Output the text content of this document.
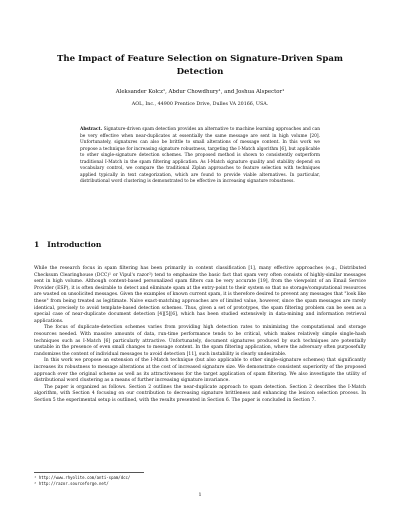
The Impact of Feature Selection on Signature-Driven Spam Detection
Aleksander Kołcz¹, Abdur Chowdhury¹, and Joshua Alspector¹
AOL, Inc., 44900 Prentice Drive, Dulles VA 20166, USA.
Abstract. Signature-driven spam detection provides an alternative to machine learning approaches and can be very effective when near-duplicates at essentially the same message are sent in high volume [20]. Unfortunately, signatures can also be brittle to small alterations of message content. In this work we propose a technique for increasing signature robustness, targeting the I-Match algorithm [6], but applicable to other single-signature detection schemes. The proposed method is shown to consistently outperform traditional I-Match in the spam filtering application. As I-Match signature quality and stability depend on vocabulary control, we compare the traditional Ziplan approaches to feature selection with techniques applied typically in text categorization, which are found to provide viable alternatives. In particular, distributional word clustering is demonstrated to be effective in increasing signature robustness.
1 Introduction

While the research focus in spam filtering has been primarily in content classification [1], many effective approaches (e.g., Distributed Checksum Clearinghouse (DCC)¹ or Vipul's razor²) tend to emphasize the basic fact that spam very often consists of highly-similar messages sent in high volume. Although content-based personalized spam filters can be very accurate [19], from the viewpoint of an Email Service Provider (ESP), it is often desirable to detect and eliminate spam at the entry-point to their system so that no storage/computational resources are wasted on unsolicited messages. Given the examples of known current spam, it is therefore desired to prevent any messages that "look like these" from being treated as legitimate. Naive exact-matching approaches are of limited value, however, since the spam messages are rarely identical, precisely to avoid template-based detection schemes. Thus, given a set of prototypes, the spam filtering problem can be seen as a special case of near-duplicate document detection [4][5][6], which has been studied extensively in data-mining and information retrieval applications.

The focus of duplicate-detection schemes varies from providing high detection rates to minimizing the computational and storage resources needed. With massive amounts of data, run-time performance tends to be critical, which makes relatively simple single-hash techniques such as I-Match [6] particularly attractive. Unfortunately, document signatures produced by such techniques are potentially unstable in the presence of even small changes to message content. In the spam filtering application, where the adversary often purposefully randomizes the content of individual messages to avoid detection [11], such instability is clearly undesirable.

In this work we propose an extension of the I-Match technique (but also applicable to other single-signature schemes) that significantly increases its robustness to message alterations at the cost of increased signature size. We demonstrate consistent superiority of the proposed approach over the original scheme as well as its attractiveness for the target application of spam filtering. We also investigate the utility of distributional word clustering as a means of further increasing signature invariance.

The paper is organized as follows. Section 2 outlines the near-duplicate approach to spam detection. Section 2 describes the I-Match algorithm, with Section 4 focusing on our contribution to decreasing signature brittleness and enhancing the lexicon selection process. In Section 5 the experimental setup is outlined, with the results presented in Section 6. The paper is concluded in Section 7.

¹ http://www.rhyolite.com/anti-spam/dcc/
² http://razor.sourceforge.net/
1
